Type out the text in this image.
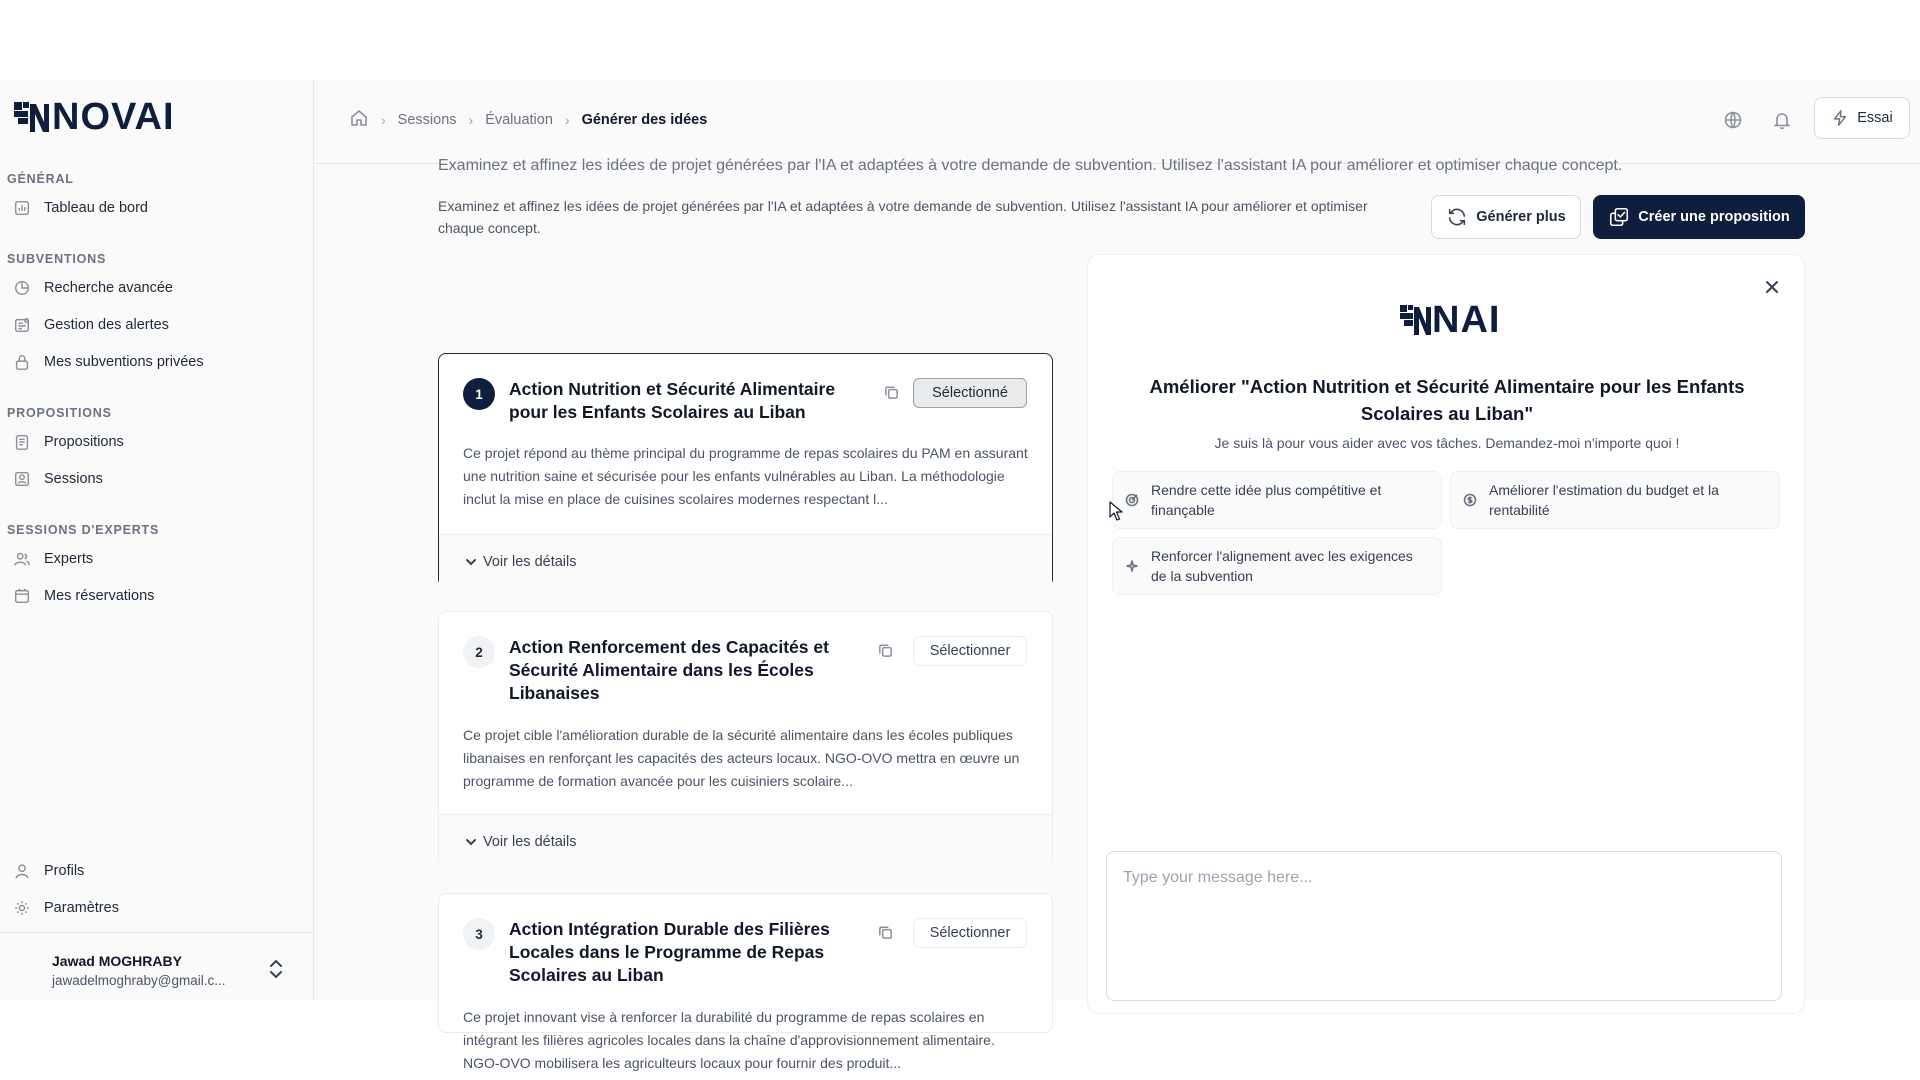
NOVAI
GÉNÉRAL
Tableau de bord
SUBVENTIONS
Recherche avancée
Gestion des alertes
Mes subventions privées
PROPOSITIONS
Propositions
Sessions
SESSIONS D'EXPERTS
Experts
Mes réservations
Profils
Paramètres
Jawad MOGHRABY
jawadelmoghraby@gmail.c...
› Sessions › Évaluation › Générer des idées	Essai
Examinez et affinez les idées de projet générées par l'IA et adaptées à votre demande de subvention. Utilisez l'assistant IA pour améliorer et optimiser chaque concept.

Examinez et affinez les idées de projet générées par l'IA et adaptées à votre demande de subvention. Utilisez l'assistant IA pour améliorer et optimiser chaque concept.

Générer plus	Créer une proposition
1	Action Nutrition et Sécurité Alimentaire pour les Enfants Scolaires au Liban
Sélectionné
Ce projet répond au thème principal du programme de repas scolaires du PAM en assurant une nutrition saine et sécurisée pour les enfants vulnérables au Liban. La méthodologie inclut la mise en place de cuisines scolaires modernes respectant l...
Voir les détails
2	Action Renforcement des Capacités et Sécurité Alimentaire dans les Écoles Libanaises
Sélectionner
Ce projet cible l'amélioration durable de la sécurité alimentaire dans les écoles publiques libanaises en renforçant les capacités des acteurs locaux. NGO-OVO mettra en œuvre un programme de formation avancée pour les cuisiniers scolaire...
Voir les détails
3	Action Intégration Durable des Filières Locales dans le Programme de Repas Scolaires au Liban
Sélectionner
Ce projet innovant vise à renforcer la durabilité du programme de repas scolaires en intégrant les filières agricoles locales dans la chaîne d'approvisionnement alimentaire. NGO-OVO mobilisera les agriculteurs locaux pour fournir des produit...
NAI
Améliorer "Action Nutrition et Sécurité Alimentaire pour les Enfants Scolaires au Liban"
Je suis là pour vous aider avec vos tâches. Demandez-moi n'importe quoi !
Rendre cette idée plus compétitive et finançable
Améliorer l'estimation du budget et la rentabilité
Renforcer l'alignement avec les exigences de la subvention
Type your message here...
